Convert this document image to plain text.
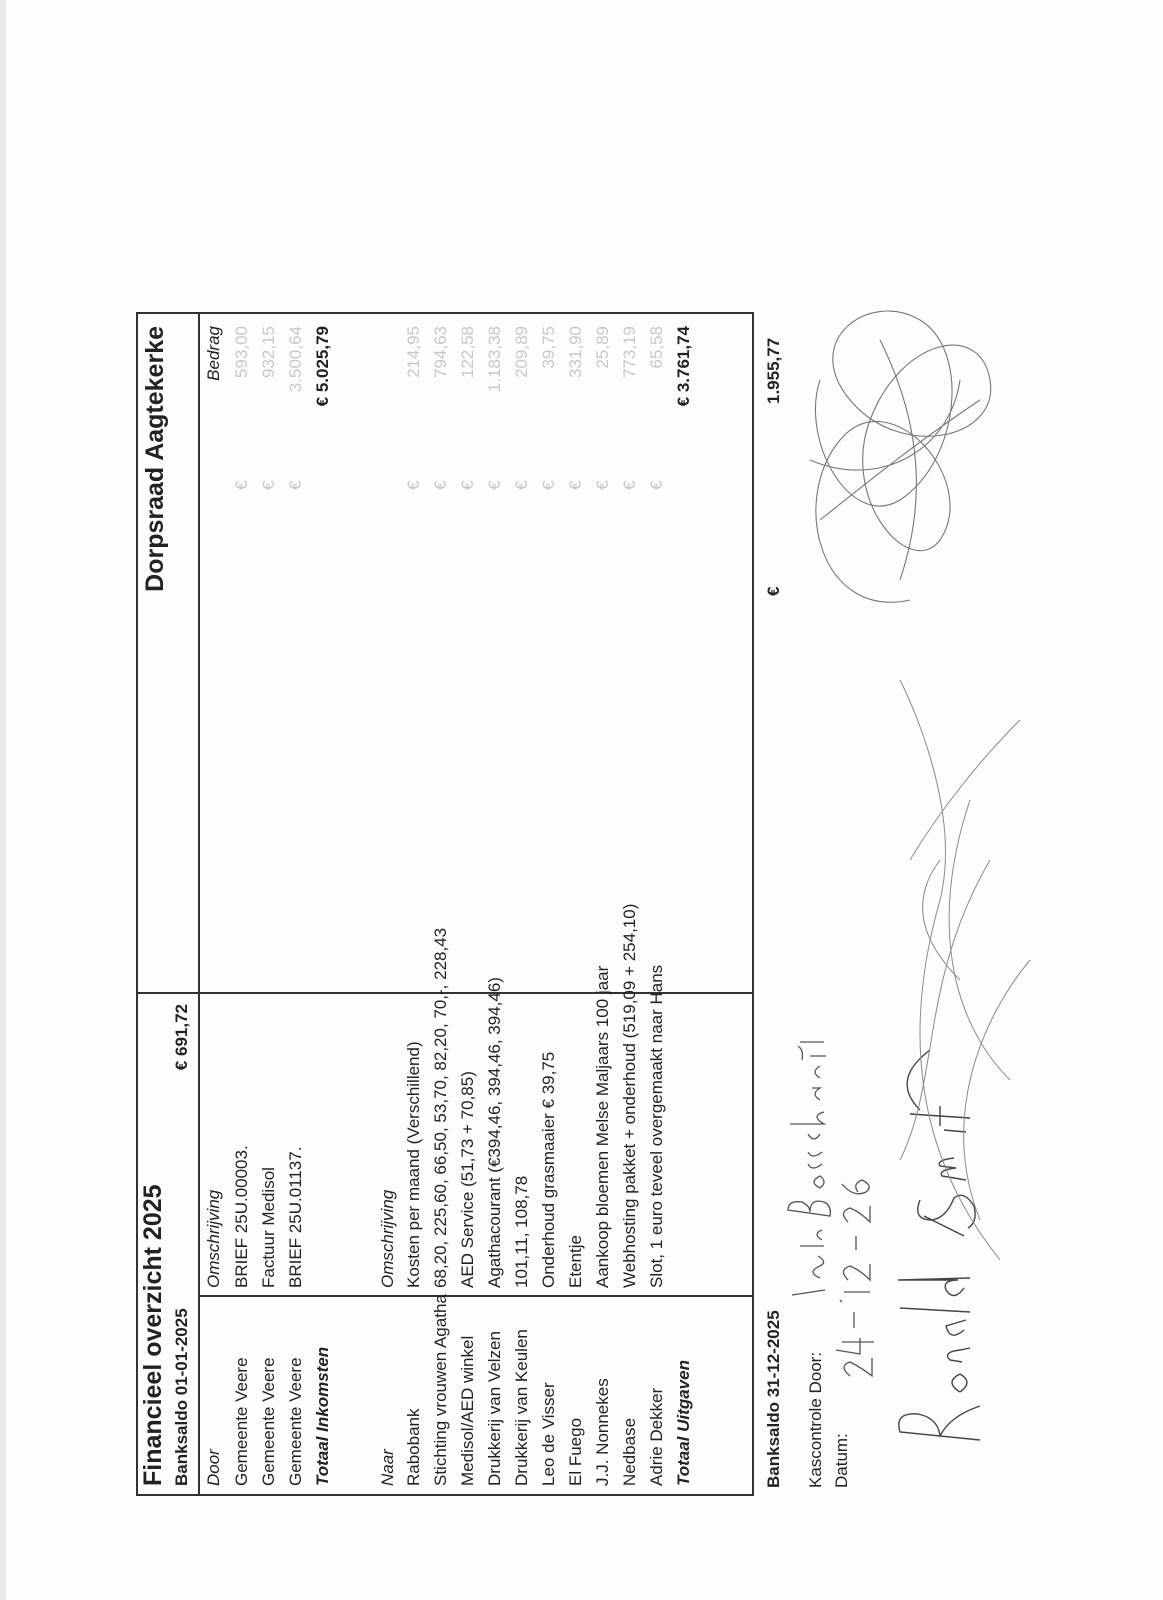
Financieel overzicht 2025 Banksaldo 01-01-2025
€ 691,72
Dorpsraad Aagtekerke
Door
Omschrijving
Bedrag
Gemeente Veere
BRIEF 25U.00003.
€
593,00
Gemeente Veere
Factuur Medisol
€
932,15
Gemeente Veere
BRIEF 25U.01137.
€
3.500,64
Totaal Inkomsten
€ 5.025,79
Naar
Omschrijving
Rabobank
Kosten per maand (Verschillend)
€
214,95
Stichting vrouwen Agatha
68,20, 225,60, 66,50, 53,70, 82,20, 70,-, 228,43
€
794,63
Medisol/AED winkel
AED Service (51,73 + 70,85)
€
122,58
Drukkerij van Velzen
Agathacourant (€394,46, 394,46, 394,46)
€
1.183,38
Drukkerij van Keulen
101,11, 108,78
€
209,89
Leo de Visser
Onderhoud grasmaaier € 39,75
€
39,75
El Fuego
Etentje
€
331,90
J.J. Nonnekes
Aankoop bloemen Melse Maljaars 100 jaar
€
25,89
Nedbase
Webhosting pakket + onderhoud (519,09 + 254,10)
€
773,19
Adrie Dekker
Slot, 1 euro teveel overgemaakt naar Hans
€
65,58
Totaal Uitgaven
€ 3.761,74
Banksaldo 31-12-2025
€
1.955,77
Kascontrole Door: Datum:
